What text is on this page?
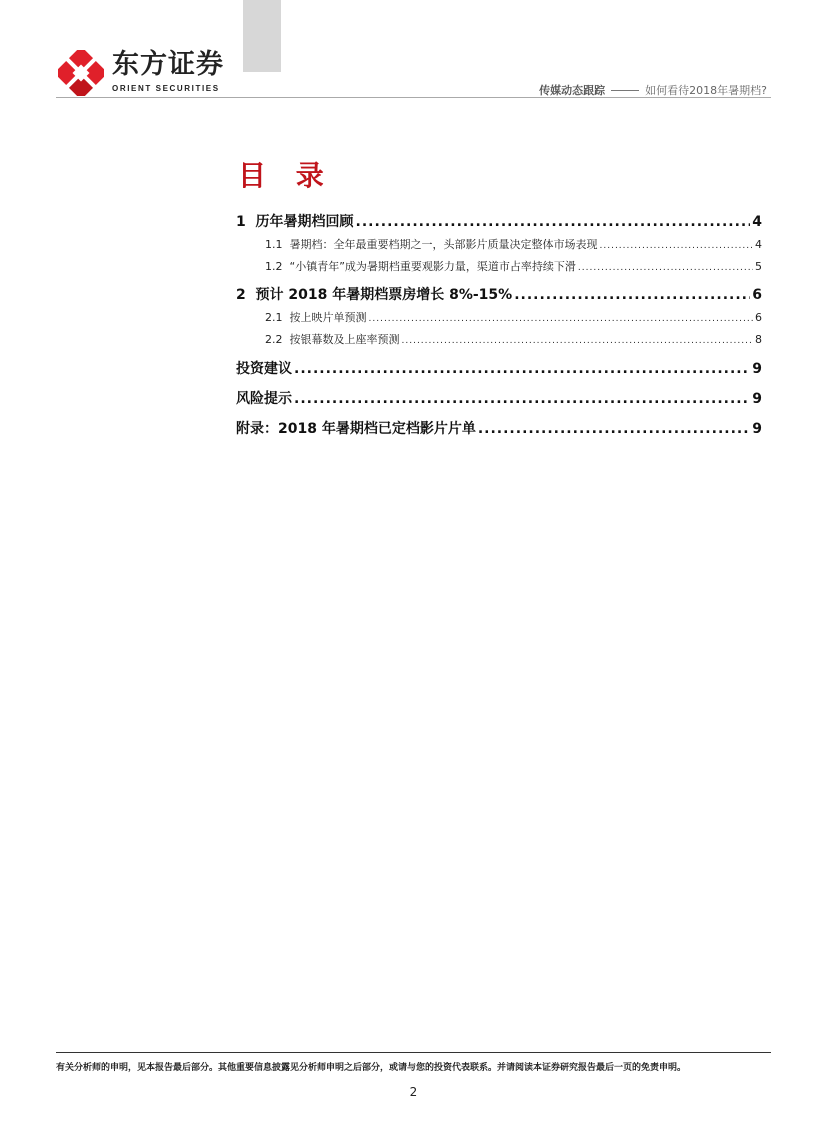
东方证券
ORIENT SECURITIES	传媒动态跟踪	如何看待2018年暑期档?
目 录
1 历年暑期档回顾 .....	4
1.1 暑期档：全年最重要档期之一，头部影片质量决定整体市场表现 .....	4
1.2 “小镇青年”成为暑期档重要观影力量，渠道市占率持续下滑 .....	5
2 预计 2018 年暑期档票房增长 8%-15% .....	6
2.1 按上映片单预测 .....	6
2.2 按银幕数及上座率预测 .....	8
投资建议 .....	9
风险提示 .....	9
附录：2018 年暑期档已定档影片片单 .....	9
有关分析师的申明，见本报告最后部分。其他重要信息披露见分析师申明之后部分，或请与您的投资代表联系。并请阅读本证券研究报告最后一页的免责申明。
2
